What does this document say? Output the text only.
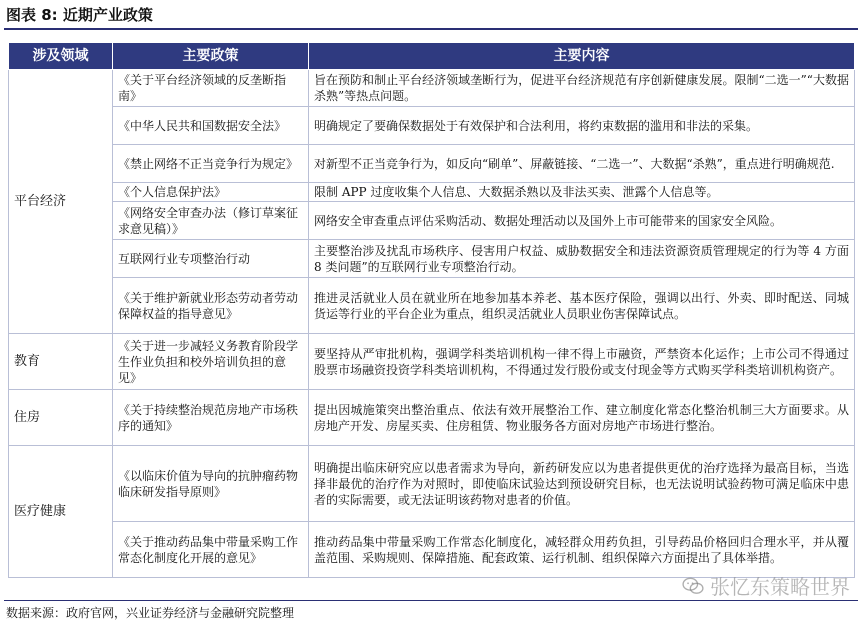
图表 8: 近期产业政策
涉及领域	主要政策	主要内容
平台经济	《关于平台经济领域的反垄断指南》	旨在预防和制止平台经济领域垄断行为，促进平台经济规范有序创新健康发展。限制“二选一”“大数据杀熟”等热点问题。
	《中华人民共和国数据安全法》	明确规定了要确保数据处于有效保护和合法利用，将约束数据的滥用和非法的采集。
	《禁止网络不正当竞争行为规定》	对新型不正当竞争行为，如反向“刷单”、屏蔽链接、“二选一”、大数据“杀熟”，重点进行明确规范.
	《个人信息保护法》	限制 APP 过度收集个人信息、大数据杀熟以及非法买卖、泄露个人信息等。
	《网络安全审查办法（修订草案征求意见稿）》	网络安全审查重点评估采购活动、数据处理活动以及国外上市可能带来的国家安全风险。
	互联网行业专项整治行动	主要整治涉及扰乱市场秩序、侵害用户权益、威胁数据安全和违法资源资质管理规定的行为等 4 方面 8 类问题”的互联网行业专项整治行动。
	《关于维护新就业形态劳动者劳动保障权益的指导意见》	推进灵活就业人员在就业所在地参加基本养老、基本医疗保险，强调以出行、外卖、即时配送、同城货运等行业的平台企业为重点，组织灵活就业人员职业伤害保障试点。
教育	《关于进一步减轻义务教育阶段学生作业负担和校外培训负担的意见》	要坚持从严审批机构，强调学科类培训机构一律不得上市融资，严禁资本化运作；上市公司不得通过股票市场融资投资学科类培训机构，不得通过发行股份或支付现金等方式购买学科类培训机构资产。
住房	《关于持续整治规范房地产市场秩序的通知》	提出因城施策突出整治重点、依法有效开展整治工作、建立制度化常态化整治机制三大方面要求。从房地产开发、房屋买卖、住房租赁、物业服务各方面对房地产市场进行整治。
医疗健康	《以临床价值为导向的抗肿瘤药物临床研发指导原则》	明确提出临床研究应以患者需求为导向，新药研发应以为患者提供更优的治疗选择为最高目标，当选择非最优的治疗作为对照时，即使临床试验达到预设研究目标，也无法说明试验药物可满足临床中患者的实际需要，或无法证明该药物对患者的价值。
	《关于推动药品集中带量采购工作常态化制度化开展的意见》	推动药品集中带量采购工作常态化制度化，减轻群众用药负担，引导药品价格回归合理水平，并从覆盖范围、采购规则、保障措施、配套政策、运行机制、组织保障六方面提出了具体举措。
数据来源：政府官网，兴业证券经济与金融研究院整理
张忆东策略世界
